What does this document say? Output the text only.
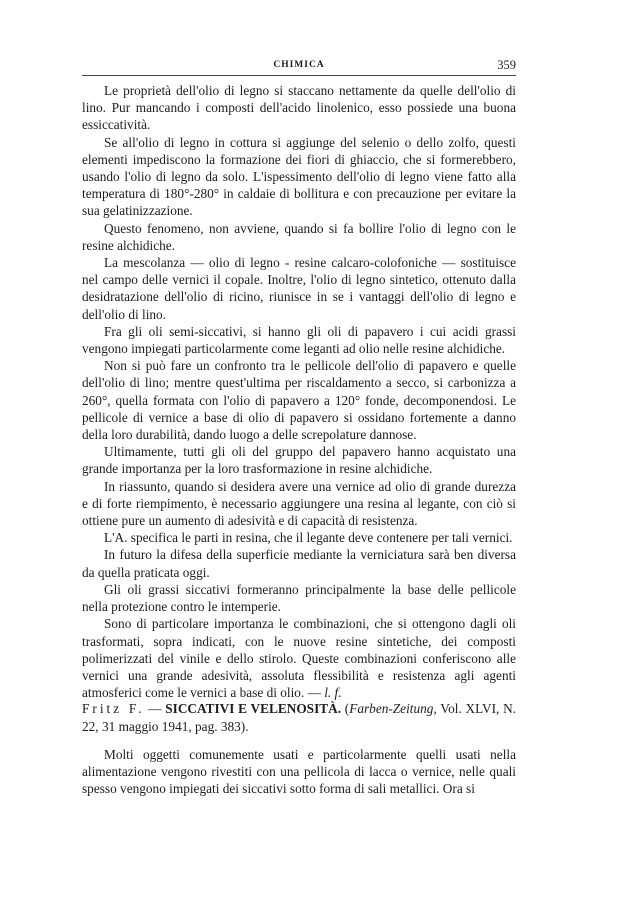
CHIMICA	359

Le proprietà dell'olio di legno si staccano nettamente da quelle dell'olio di lino. Pur mancando i composti dell'acido linolenico, esso possiede una buona essiccatività.

Se all'olio di legno in cottura si aggiunge del selenio o dello zolfo, questi elementi impediscono la formazione dei fiori di ghiaccio, che si formerebbero, usando l'olio di legno da solo. L'ispessimento dell'olio di legno viene fatto alla temperatura di 180°-280° in caldaie di bollitura e con precauzione per evitare la sua gelatinizzazione.

Questo fenomeno, non avviene, quando si fa bollire l'olio di legno con le resine alchidiche.

La mescolanza — olio di legno - resine calcaro-colofoniche — sostituisce nel campo delle vernici il copale. Inoltre, l'olio di legno sintetico, ottenuto dalla desidratazione dell'olio di ricino, riunisce in se i vantaggi dell'olio di legno e dell'olio di lino.

Fra gli oli semi-siccativi, si hanno gli oli di papavero i cui acidi grassi vengono impiegati particolarmente come leganti ad olio nelle resine alchidiche.

Non si può fare un confronto tra le pellicole dell'olio di papavero e quelle dell'olio di lino; mentre quest'ultima per riscaldamento a secco, si carbonizza a 260°, quella formata con l'olio di papavero a 120° fonde, decomponendosi. Le pellicole di vernice a base di olio di papavero si ossidano fortemente a danno della loro durabilità, dando luogo a delle screpolature dannose.

Ultimamente, tutti gli oli del gruppo del papavero hanno acquistato una grande importanza per la loro trasformazione in resine alchidiche.

In riassunto, quando si desidera avere una vernice ad olio di grande durezza e di forte riempimento, è necessario aggiungere una resina al legante, con ciò si ottiene pure un aumento di adesività e di capacità di resistenza.

L'A. specifica le parti in resina, che il legante deve contenere per tali vernici.

In futuro la difesa della superficie mediante la verniciatura sarà ben diversa da quella praticata oggi.

Gli oli grassi siccativi formeranno principalmente la base delle pellicole nella protezione contro le intemperie.

Sono di particolare importanza le combinazioni, che si ottengono dagli oli trasformati, sopra indicati, con le nuove resine sintetiche, dei composti polimerizzati del vinile e dello stirolo. Queste combinazioni conferiscono alle vernici una grande adesività, assoluta flessibilità e resistenza agli agenti atmosferici come le vernici a base di olio. — l. f.

Fritz F. — SICCATIVI E VELENOSITÀ. (Farben-Zeitung, Vol. XLVI, N. 22, 31 maggio 1941, pag. 383).

Molti oggetti comunemente usati e particolarmente quelli usati nella alimentazione vengono rivestiti con una pellicola di lacca o vernice, nelle quali spesso vengono impiegati dei siccativi sotto forma di sali metallici. Ora si
